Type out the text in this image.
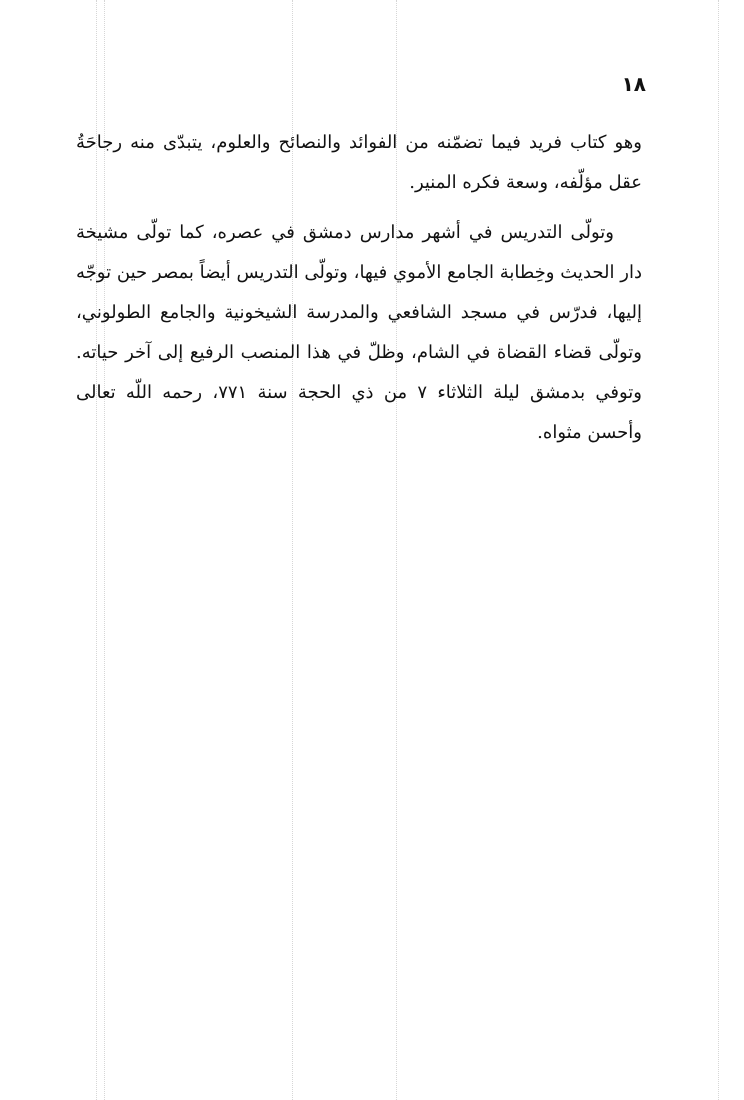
١٨

وهو كتاب فريد فيما تضمّنه من الفوائد والنصائح والعلوم، يتبدّى منه رجاحَةُ عقل مؤلّفه، وسعة فكره المنير.

وتولّى التدريس في أشهر مدارس دمشق في عصره، كما تولّى مشيخة دار الحديث وخِطابة الجامع الأموي فيها، وتولّى التدريس أيضاً بمصر حين توجّه إليها، فدرّس في مسجد الشافعي والمدرسة الشيخونية والجامع الطولوني، وتولّى قضاء القضاة في الشام، وظلّ في هذا المنصب الرفيع إلى آخر حياته. وتوفي بدمشق ليلة الثلاثاء ٧ من ذي الحجة سنة ٧٧١، رحمه اللّه تعالى وأحسن مثواه.
